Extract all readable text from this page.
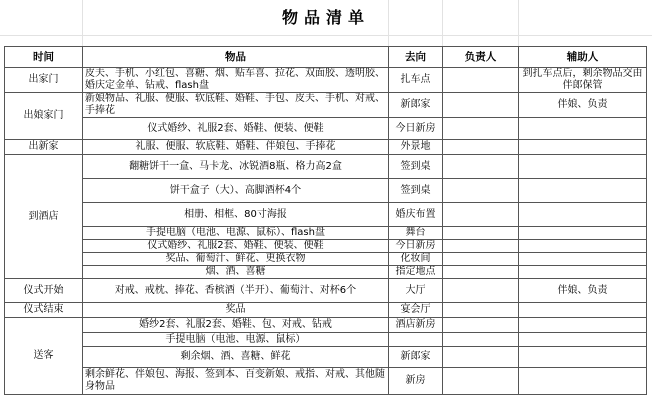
物品清单
时间	物品	去向	负责人	辅助人
出家门	皮夫、手机、小红包、喜糖、烟、贴车喜、拉花、双面胶、透明胶、婚庆定金单、钻戒、flash盘	扎车点		到扎车点后，剩余物品交由伴郎保管
出娘家门	新娘物品、礼服、便服、软底鞋、婚鞋、手包、皮夫、手机、对戒、手捧花	新郎家		伴娘、负责
	仪式婚纱、礼服2套、婚鞋、便装、便鞋	今日新房		
出新家	礼服、便服、软底鞋、婚鞋、伴娘包、手捧花	外景地		
到酒店	翻糖饼干一盒、马卡龙、冰锐酒8瓶、格力高2盒	签到桌		
	饼干盒子（大）、高脚酒杯4个	签到桌		
	相册、相框、80寸海报	婚庆布置		
	手提电脑（电池、电源、鼠标）、flash盘	舞台		
	仪式婚纱、礼服2套、婚鞋、便装、便鞋	今日新房		
	奖品、葡萄汁、鲜花、更换衣物	化妆间		
	烟、酒、喜糖	指定地点		
仪式开始	对戒、戒枕、捧花、香槟酒（半开）、葡萄汁、对杯6个	大厅		伴娘、负责
仪式结束	奖品	宴会厅		
送客	婚纱2套、礼服2套、婚鞋、包、对戒、钻戒	酒店新房		
	手提电脑（电池、电源、鼠标）			
	剩余烟、酒、喜糖、鲜花	新郎家		
	剩余鲜花、伴娘包、海报、签到本、百变新娘、戒指、对戒、其他随身物品	新房		
